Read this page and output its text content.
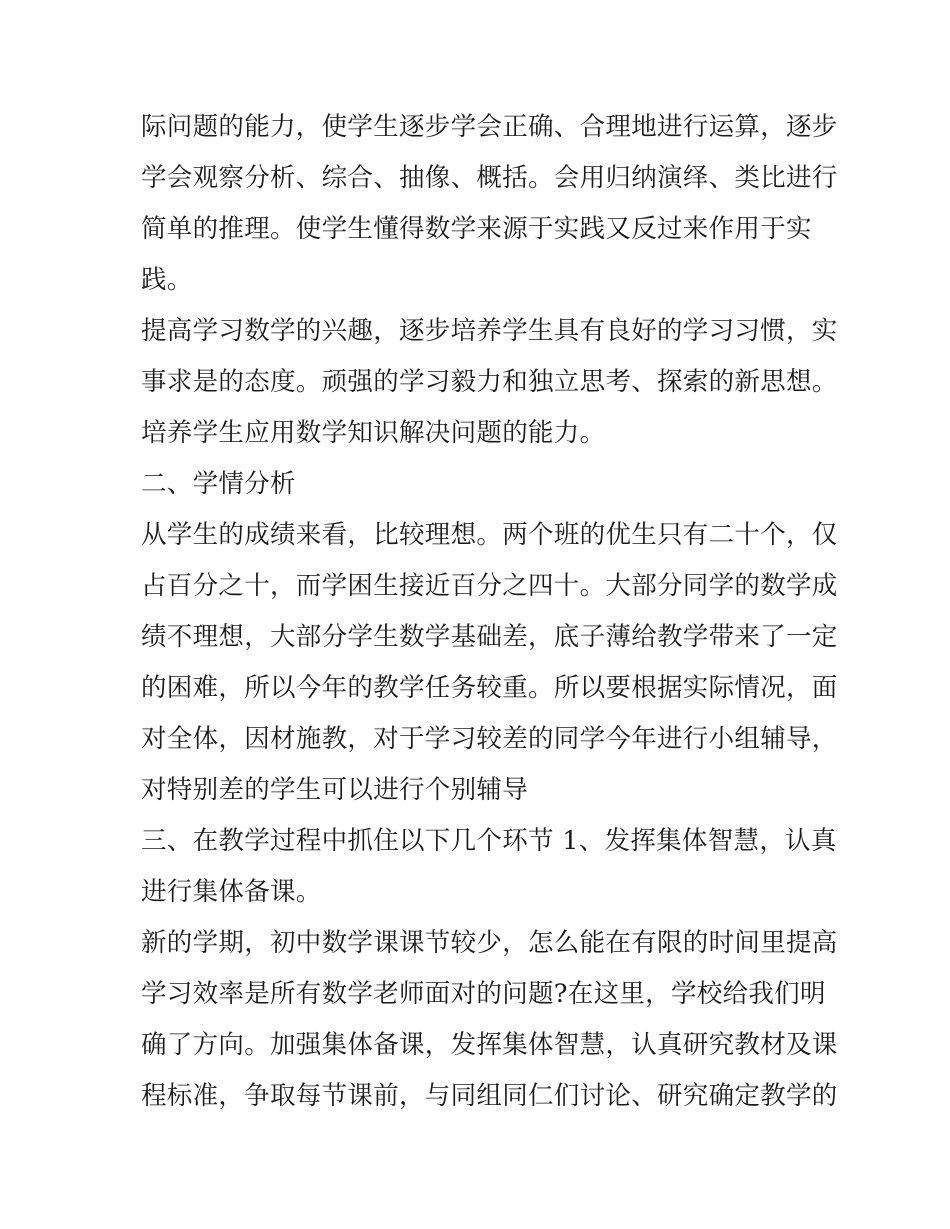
际问题的能力，使学生逐步学会正确、合理地进行运算，逐步
学会观察分析、综合、抽像、概括。会用归纳演绎、类比进行
简单的推理。使学生懂得数学来源于实践又反过来作用于实
践。
提高学习数学的兴趣，逐步培养学生具有良好的学习习惯，实
事求是的态度。顽强的学习毅力和独立思考、探索的新思想。
培养学生应用数学知识解决问题的能力。
二、学情分析
从学生的成绩来看，比较理想。两个班的优生只有二十个，仅
占百分之十，而学困生接近百分之四十。大部分同学的数学成
绩不理想，大部分学生数学基础差，底子薄给教学带来了一定
的困难，所以今年的教学任务较重。所以要根据实际情况，面
对全体，因材施教，对于学习较差的同学今年进行小组辅导，
对特别差的学生可以进行个别辅导
三、在教学过程中抓住以下几个环节 1、发挥集体智慧，认真
进行集体备课。
新的学期，初中数学课课节较少，怎么能在有限的时间里提高
学习效率是所有数学老师面对的问题?在这里，学校给我们明
确了方向。加强集体备课，发挥集体智慧，认真研究教材及课
程标准，争取每节课前，与同组同仁们讨论、研究确定教学的
